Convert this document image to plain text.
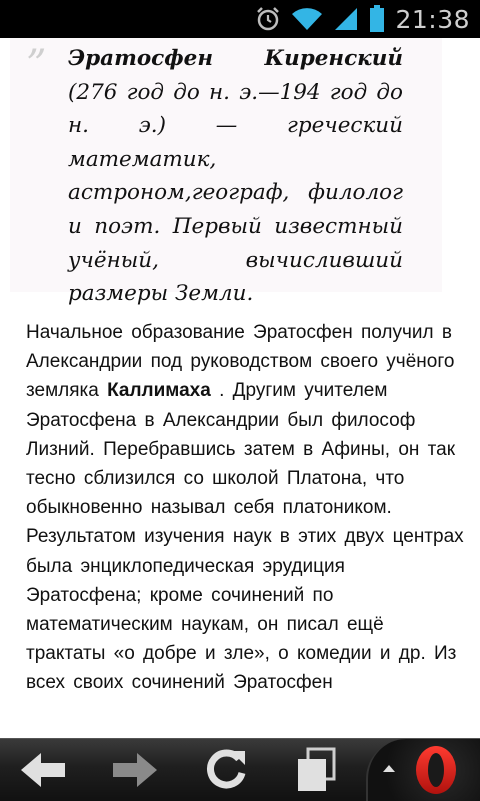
21:38
” Эратосфен Киренский (276 год до н. э.—194 год до н. э.) — греческий математик, астроном,географ, филолог и поэт. Первый известный учёный, вычисливший размеры Земли.
Начальное образование Эратосфен получил в Александрии под руководством своего учёного земляка Каллимаха . Другим учителем Эратосфена в Александрии был философ Лизний. Перебравшись затем в Афины, он так тесно сблизился со школой Платона, что обыкновенно называл себя платоником. Результатом изучения наук в этих двух центрах была энциклопедическая эрудиция Эратосфена; кроме сочинений по математическим наукам, он писал ещё трактаты «о добре и зле», о комедии и др. Из всех своих сочинений Эратосфен
